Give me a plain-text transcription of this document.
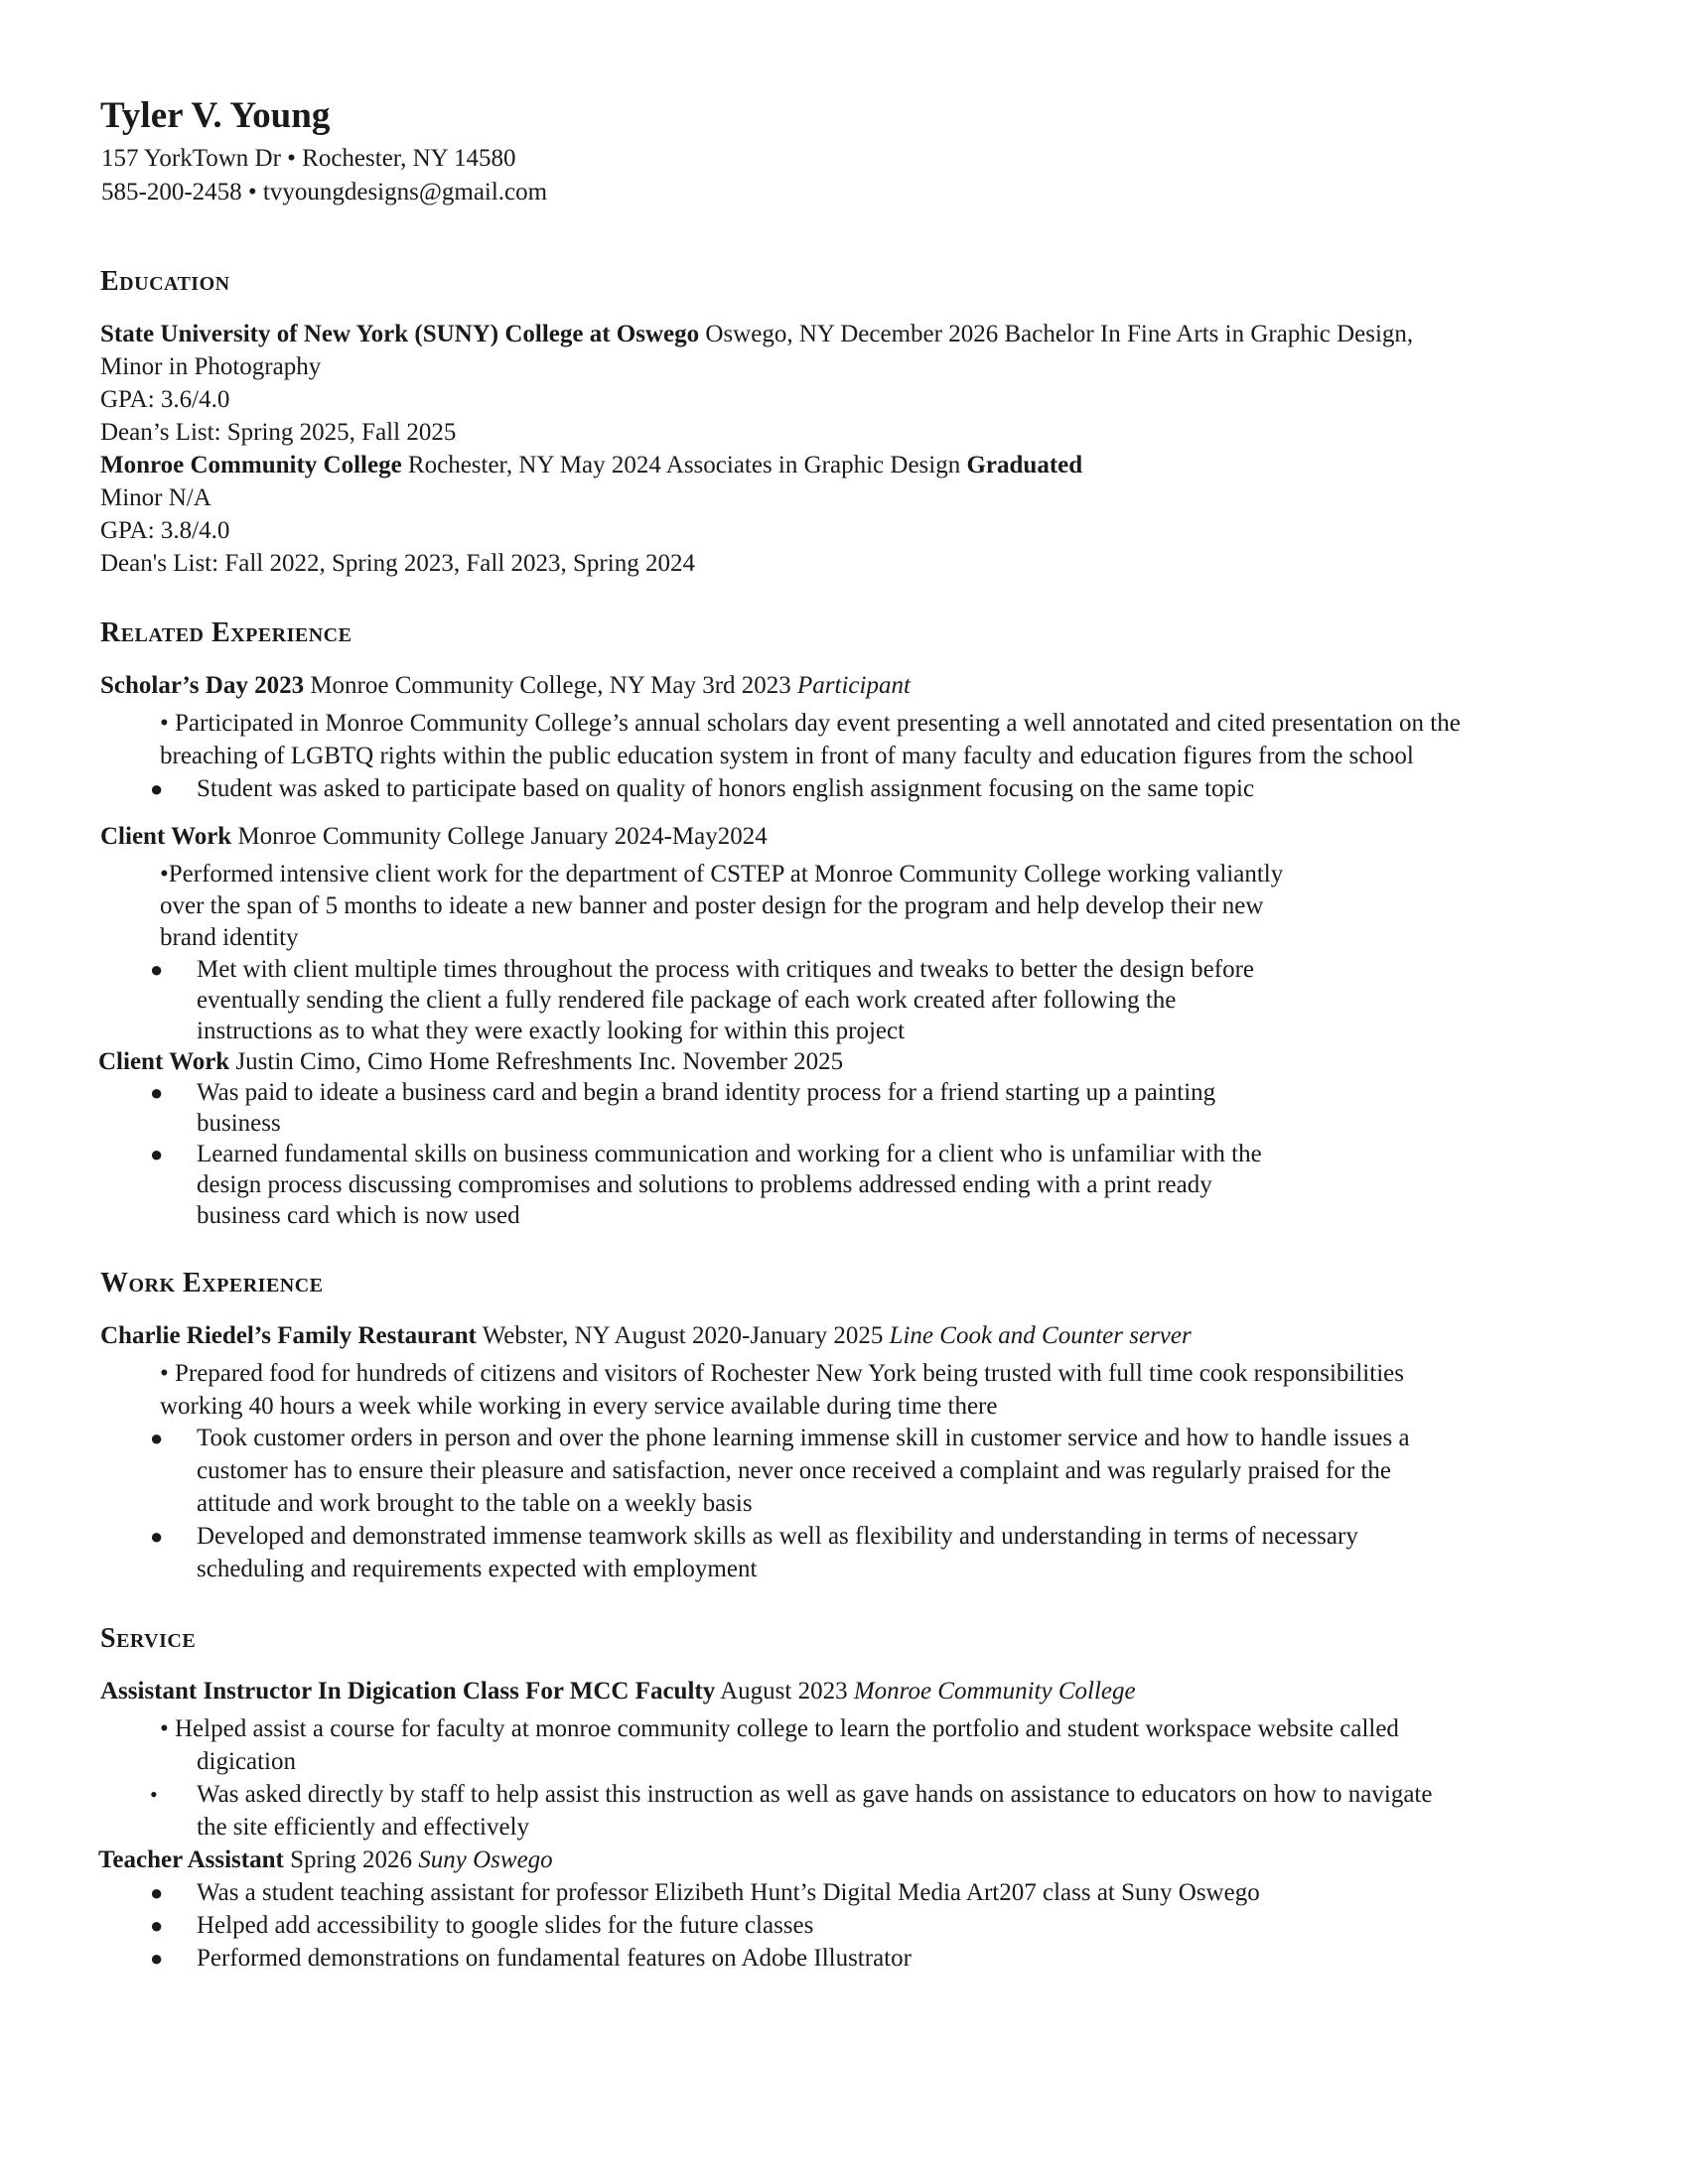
Tyler V. Young
157 YorkTown Dr • Rochester, NY 14580
585-200-2458 • tvyoungdesigns@gmail.com
Education
State University of New York (SUNY) College at Oswego Oswego, NY December 2026 Bachelor In Fine Arts in Graphic Design,
Minor in Photography
GPA: 3.6/4.0
Dean’s List: Spring 2025, Fall 2025
Monroe Community College Rochester, NY May 2024 Associates in Graphic Design Graduated
Minor N/A
GPA: 3.8/4.0
Dean's List: Fall 2022, Spring 2023, Fall 2023, Spring 2024
Related Experience
Scholar’s Day 2023 Monroe Community College, NY May 3rd 2023 Participant
• Participated in Monroe Community College’s annual scholars day event presenting a well annotated and cited presentation on the
breaching of LGBTQ rights within the public education system in front of many faculty and education figures from the school
● Student was asked to participate based on quality of honors english assignment focusing on the same topic
Client Work Monroe Community College January 2024-May2024
•Performed intensive client work for the department of CSTEP at Monroe Community College working valiantly
over the span of 5 months to ideate a new banner and poster design for the program and help develop their new
brand identity
● Met with client multiple times throughout the process with critiques and tweaks to better the design before
eventually sending the client a fully rendered file package of each work created after following the
instructions as to what they were exactly looking for within this project
Client Work Justin Cimo, Cimo Home Refreshments Inc. November 2025
● Was paid to ideate a business card and begin a brand identity process for a friend starting up a painting
business
● Learned fundamental skills on business communication and working for a client who is unfamiliar with the
design process discussing compromises and solutions to problems addressed ending with a print ready
business card which is now used
Work Experience
Charlie Riedel’s Family Restaurant Webster, NY August 2020-January 2025 Line Cook and Counter server
• Prepared food for hundreds of citizens and visitors of Rochester New York being trusted with full time cook responsibilities
working 40 hours a week while working in every service available during time there
● Took customer orders in person and over the phone learning immense skill in customer service and how to handle issues a
customer has to ensure their pleasure and satisfaction, never once received a complaint and was regularly praised for the
attitude and work brought to the table on a weekly basis
● Developed and demonstrated immense teamwork skills as well as flexibility and understanding in terms of necessary
scheduling and requirements expected with employment
Service
Assistant Instructor In Digication Class For MCC Faculty August 2023 Monroe Community College
• Helped assist a course for faculty at monroe community college to learn the portfolio and student workspace website called
digication
• Was asked directly by staff to help assist this instruction as well as gave hands on assistance to educators on how to navigate
the site efficiently and effectively
Teacher Assistant Spring 2026 Suny Oswego
● Was a student teaching assistant for professor Elizibeth Hunt’s Digital Media Art207 class at Suny Oswego
● Helped add accessibility to google slides for the future classes
● Performed demonstrations on fundamental features on Adobe Illustrator
